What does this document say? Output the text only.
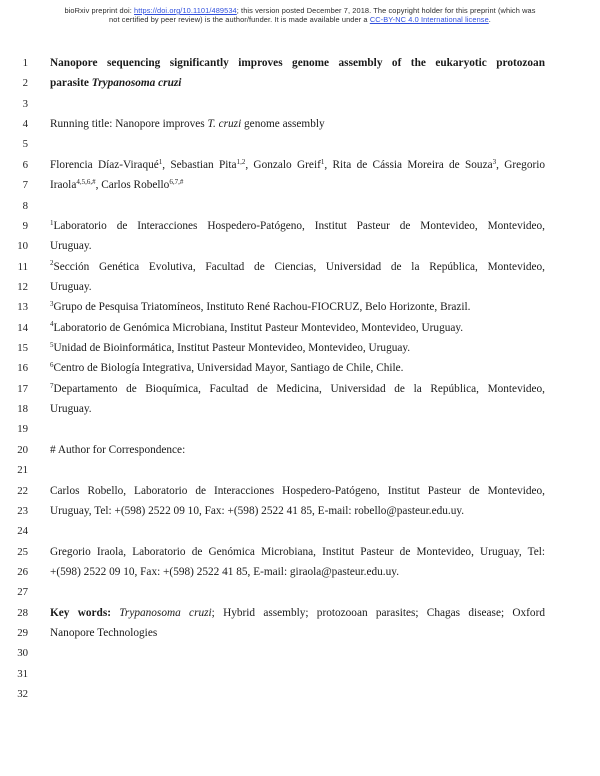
bioRxiv preprint doi: https://doi.org/10.1101/489534; this version posted December 7, 2018. The copyright holder for this preprint (which was
not certified by peer review) is the author/funder. It is made available under a CC-BY-NC 4.0 International license.
1 Nanopore sequencing significantly improves genome assembly of the eukaryotic protozoan
2 parasite Trypanosoma cruzi
3
4 Running title: Nanopore improves T. cruzi genome assembly
5
6 Florencia Díaz-Viraqué$^1$, Sebastian Pita$^{1,2}$, Gonzalo Greif$^1$, Rita de Cássia Moreira de Souza$^3$, Gregorio
7 Iraola$^{4,5,6,\#}$, Carlos Robello$^{6,7,\#}$
8
9	$^1$Laboratorio de Interacciones Hospedero-Patógeno, Institut Pasteur de Montevideo, Montevideo,
10 Uruguay.
11	$^2$Sección Genética Evolutiva, Facultad de Ciencias, Universidad de la República, Montevideo,
12 Uruguay.
13	$^3$Grupo de Pesquisa Triatomíneos, Instituto René Rachou-FIOCRUZ, Belo Horizonte, Brazil.
14	$^4$Laboratorio de Genómica Microbiana, Institut Pasteur Montevideo, Montevideo, Uruguay.
15	$^5$Unidad de Bioinformática, Institut Pasteur Montevideo, Montevideo, Uruguay.
16	$^6$Centro de Biología Integrativa, Universidad Mayor, Santiago de Chile, Chile.
17	$^7$Departamento de Bioquímica, Facultad de Medicina, Universidad de la República, Montevideo,
18 Uruguay.
19
20 # Author for Correspondence:
21
22 Carlos Robello, Laboratorio de Interacciones Hospedero-Patógeno, Institut Pasteur de Montevideo,
23 Uruguay, Tel: +(598) 2522 09 10, Fax: +(598) 2522 41 85, E-mail: robello@pasteur.edu.uy.
24
25 Gregorio Iraola, Laboratorio de Genómica Microbiana, Institut Pasteur de Montevideo, Uruguay, Tel:
26 +(598) 2522 09 10, Fax: +(598) 2522 41 85, E-mail: giraola@pasteur.edu.uy.
27
28 Key words: Trypanosoma cruzi; Hybrid assembly; protozooan parasites; Chagas disease; Oxford
29 Nanopore Technologies
30
31
32
